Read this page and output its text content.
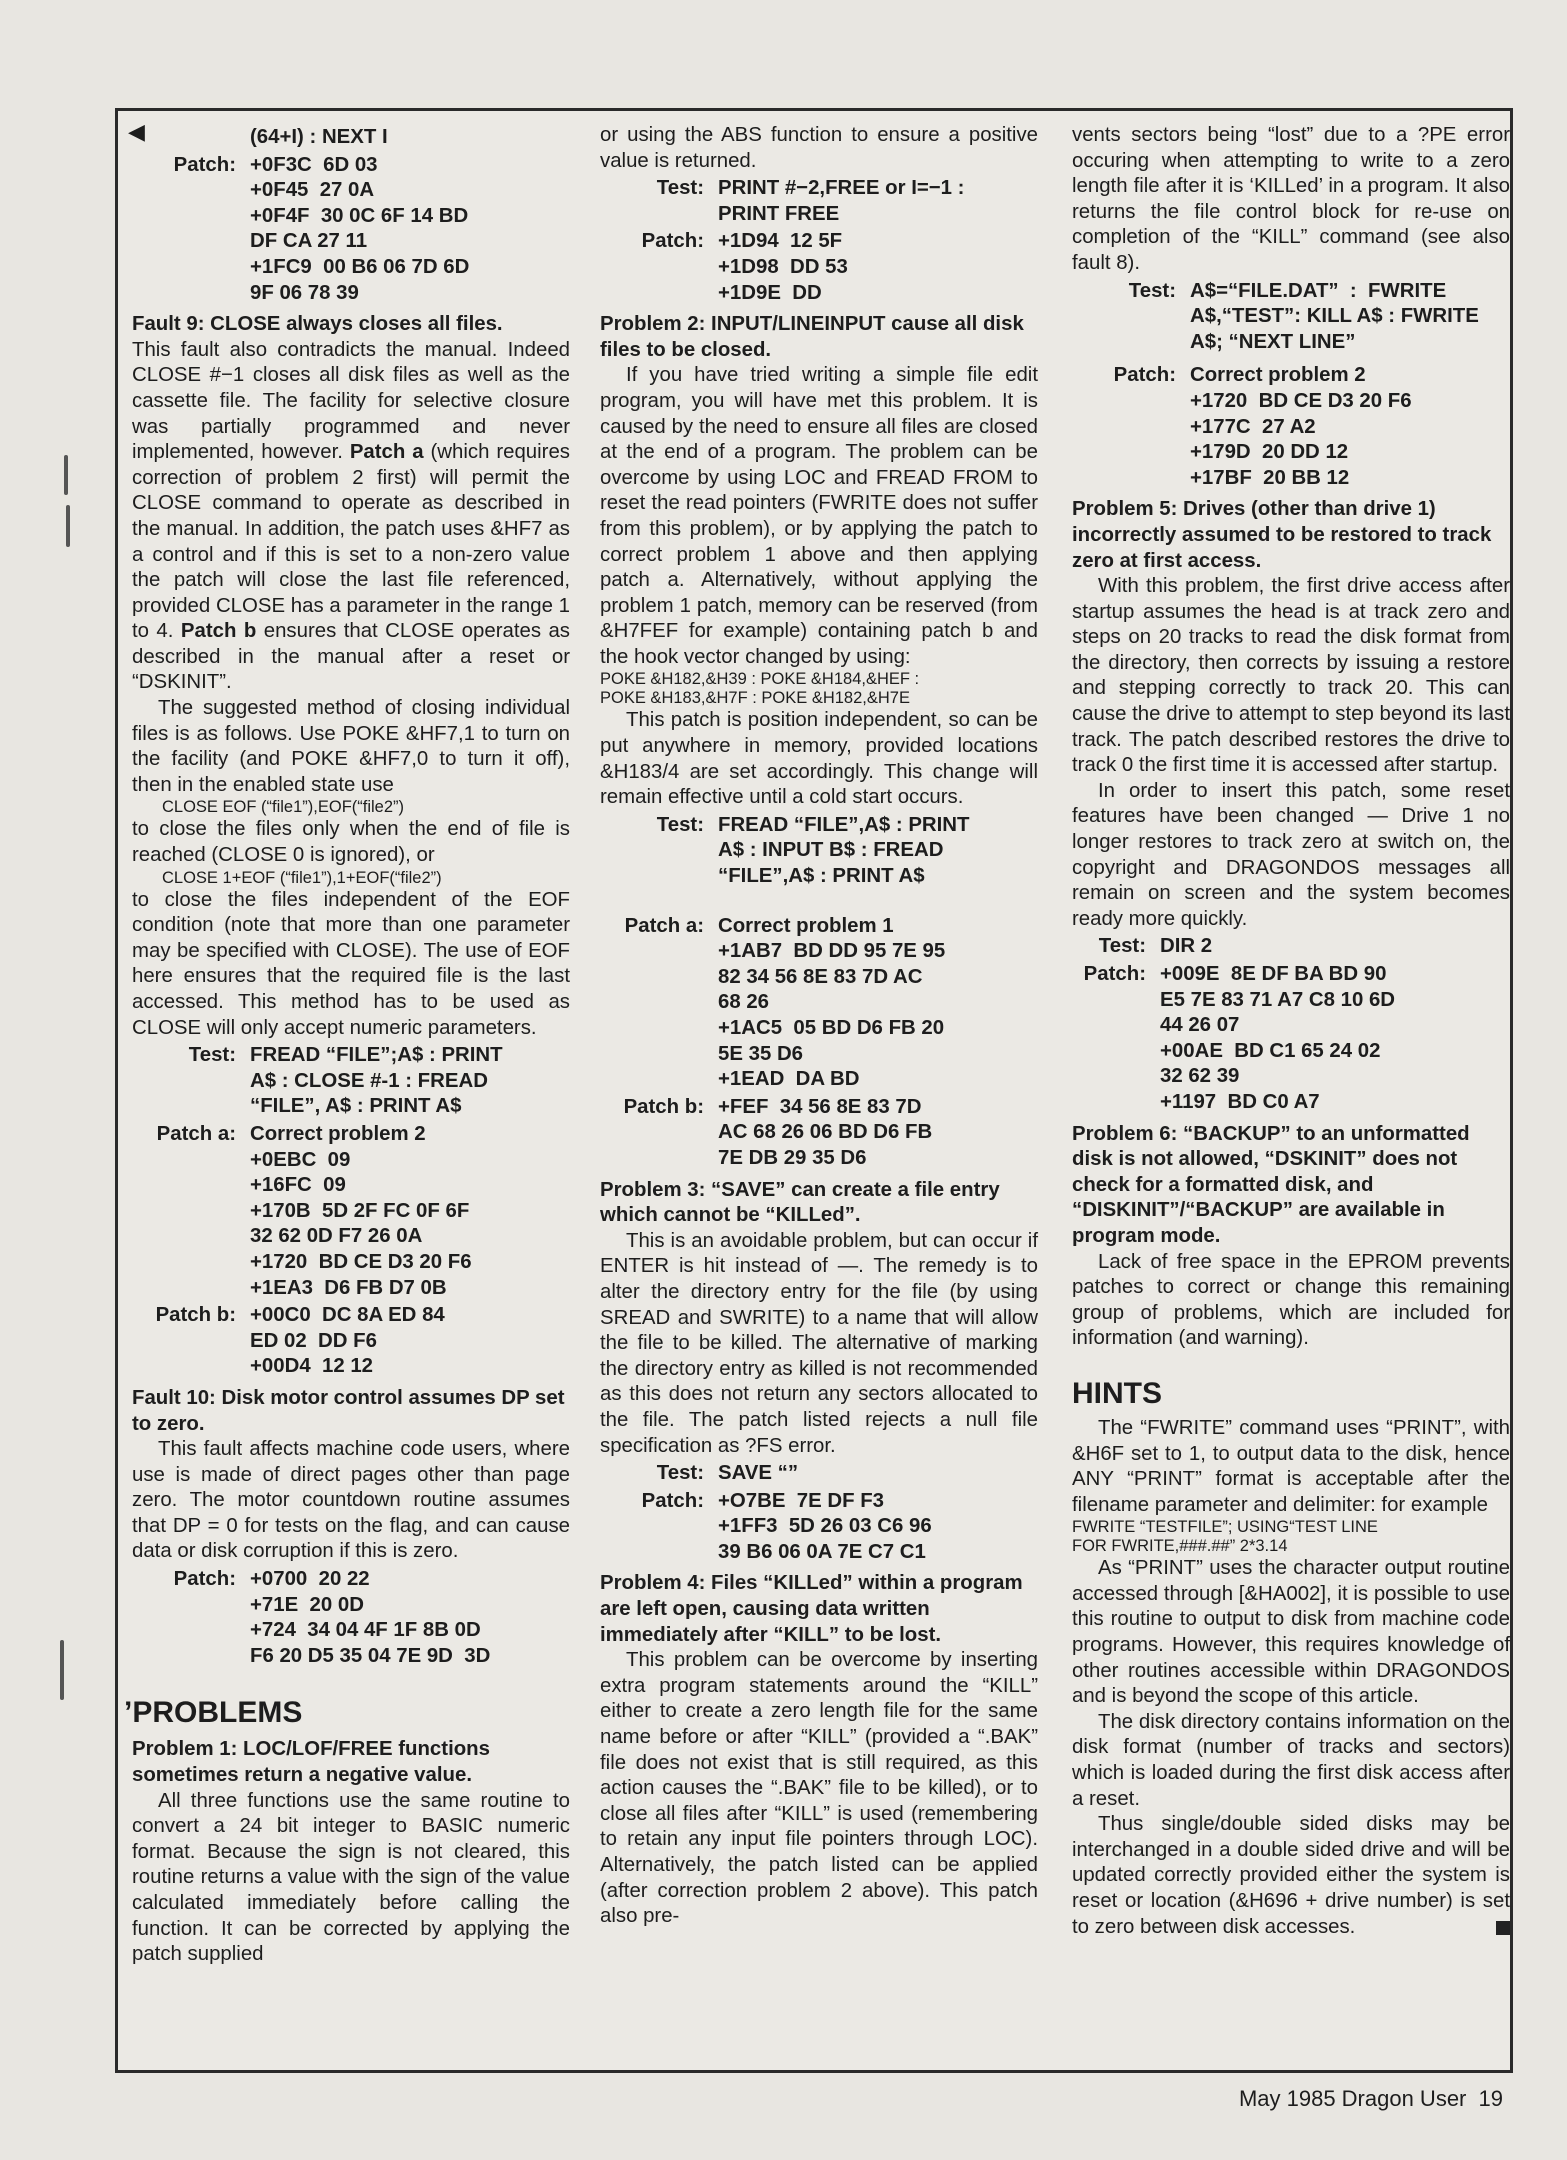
◀	(64+I) : NEXT I
Patch: +0F3C  6D 03
+0F45  27 0A
+0F4F  30 0C 6F 14 BD
DF CA 27 11
+1FC9  00 B6 06 7D 6D
9F 06 78 39
Fault 9: CLOSE always closes all files.

This fault also contradicts the manual. Indeed CLOSE #−1 closes all disk files as well as the cassette file. The facility for selective closure was partially programmed and never implemented, however. Patch a (which requires correction of problem 2 first) will permit the CLOSE command to operate as described in the manual. In addition, the patch uses &HF7 as a control and if this is set to a non-zero value the patch will close the last file referenced, provided CLOSE has a parameter in the range 1 to 4. Patch b ensures that CLOSE operates as described in the manual after a reset or “DSKINIT”.

The suggested method of closing individual files is as follows. Use POKE &HF7,1 to turn on the facility (and POKE &HF7,0 to turn it off), then in the enabled state use

CLOSE EOF (“file1”),EOF(“file2”)

to close the files only when the end of file is reached (CLOSE 0 is ignored), or

CLOSE 1+EOF (“file1”),1+EOF(“file2”)

to close the files independent of the EOF condition (note that more than one parameter may be specified with CLOSE). The use of EOF here ensures that the required file is the last accessed. This method has to be used as CLOSE will only accept numeric parameters.

Test: FREAD “FILE”;A$ : PRINT
A$ : CLOSE #-1 : FREAD
“FILE”, A$ : PRINT A$
Patch a: Correct problem 2
+0EBC  09
+16FC  09
+170B  5D 2F FC 0F 6F
32 62 0D F7 26 0A
+1720  BD CE D3 20 F6
+1EA3  D6 FB D7 0B
Patch b: +00C0  DC 8A ED 84
ED 02  DD F6
+00D4  12 12
Fault 10: Disk motor control assumes DP set to zero.

This fault affects machine code users, where use is made of direct pages other than page zero. The motor countdown routine assumes that DP = 0 for tests on the flag, and can cause data or disk corruption if this is zero.

Patch: +0700  20 22
+71E  20 0D
+724  34 04 4F 1F 8B 0D
F6 20 D5 35 04 7E 9D  3D
’PROBLEMS
Problem 1: LOC/LOF/FREE functions sometimes return a negative value.

All three functions use the same routine to convert a 24 bit integer to BASIC numeric format. Because the sign is not cleared, this routine returns a value with the sign of the value calculated immediately before calling the function. It can be corrected by applying the patch supplied

or using the ABS function to ensure a positive value is returned.

Test: PRINT #−2,FREE or I=−1 :
PRINT FREE
Patch: +1D94  12 5F
+1D98  DD 53
+1D9E  DD
Problem 2: INPUT/LINEINPUT cause all disk files to be closed.

If you have tried writing a simple file edit program, you will have met this problem. It is caused by the need to ensure all files are closed at the end of a program. The problem can be overcome by using LOC and FREAD FROM to reset the read pointers (FWRITE does not suffer from this problem), or by applying the patch to correct problem 1 above and then applying patch a. Alternatively, without applying the problem 1 patch, memory can be reserved (from &H7FEF for example) containing patch b and the hook vector changed by using:

POKE &H182,&H39 : POKE &H184,&HEF :
POKE &H183,&H7F : POKE &H182,&H7E

This patch is position independent, so can be put anywhere in memory, provided locations &H183/4 are set accordingly. This change will remain effective until a cold start occurs.

Test: FREAD “FILE”,A$ : PRINT
A$ : INPUT B$ : FREAD
“FILE”,A$ : PRINT A$
Patch a: Correct problem 1
+1AB7  BD DD 95 7E 95
82 34 56 8E 83 7D AC
68 26
+1AC5  05 BD D6 FB 20
5E 35 D6
+1EAD  DA BD
Patch b: +FEF  34 56 8E 83 7D
AC 68 26 06 BD D6 FB
7E DB 29 35 D6
Problem 3: “SAVE” can create a file entry which cannot be “KILLed”.

This is an avoidable problem, but can occur if ENTER is hit instead of —. The remedy is to alter the directory entry for the file (by using SREAD and SWRITE) to a name that will allow the file to be killed. The alternative of marking the directory entry as killed is not recommended as this does not return any sectors allocated to the file. The patch listed rejects a null file specification as ?FS error.

Test: SAVE “”
Patch: +O7BE  7E DF F3
+1FF3  5D 26 03 C6 96
39 B6 06 0A 7E C7 C1
Problem 4: Files “KILLed” within a program are left open, causing data written immediately after “KILL” to be lost.

This problem can be overcome by inserting extra program statements around the “KILL” either to create a zero length file for the same name before or after “KILL” (provided a “.BAK” file does not exist that is still required, as this action causes the “.BAK” file to be killed), or to close all files after “KILL” is used (remembering to retain any input file pointers through LOC). Alternatively, the patch listed can be applied (after correction problem 2 above). This patch also pre-

vents sectors being “lost” due to a ?PE error occuring when attempting to write to a zero length file after it is ‘KILLed’ in a program. It also returns the file control block for re-use on completion of the “KILL” command (see also fault 8).

Test: A$=“FILE.DAT”  :  FWRITE
A$,“TEST”: KILL A$ : FWRITE
A$; “NEXT LINE”
Patch: Correct problem 2
+1720  BD CE D3 20 F6
+177C  27 A2
+179D  20 DD 12
+17BF  20 BB 12
Problem 5: Drives (other than drive 1) incorrectly assumed to be restored to track zero at first access.

With this problem, the first drive access after startup assumes the head is at track zero and steps on 20 tracks to read the disk format from the directory, then corrects by issuing a restore and stepping correctly to track 20. This can cause the drive to attempt to step beyond its last track. The patch described restores the drive to track 0 the first time it is accessed after startup.

In order to insert this patch, some reset features have been changed — Drive 1 no longer restores to track zero at switch on, the copyright and DRAGONDOS messages all remain on screen and the system becomes ready more quickly.

Test: DIR 2
Patch: +009E  8E DF BA BD 90
E5 7E 83 71 A7 C8 10 6D
44 26 07
+00AE  BD C1 65 24 02
32 62 39
+1197  BD C0 A7
Problem 6: “BACKUP” to an unformatted disk is not allowed, “DSKINIT” does not check for a formatted disk, and “DISKINIT”/“BACKUP” are available in program mode.

Lack of free space in the EPROM prevents patches to correct or change this remaining group of problems, which are included for information (and warning).

HINTS

The “FWRITE” command uses “PRINT”, with &H6F set to 1, to output data to the disk, hence ANY “PRINT” format is acceptable after the filename parameter and delimiter: for example

FWRITE “TESTFILE”; USING“TEST LINE
FOR FWRITE,###.##” 2*3.14

As “PRINT” uses the character output routine accessed through [&HA002], it is possible to use this routine to output to disk from machine code programs. However, this requires knowledge of other routines accessible within DRAGONDOS and is beyond the scope of this article.

The disk directory contains information on the disk format (number of tracks and sectors) which is loaded during the first disk access after a reset.

Thus single/double sided disks may be interchanged in a double sided drive and will be updated correctly provided either the system is reset or location (&H696 + drive number) is set to zero between disk accesses.

May 1985 Dragon User 19
